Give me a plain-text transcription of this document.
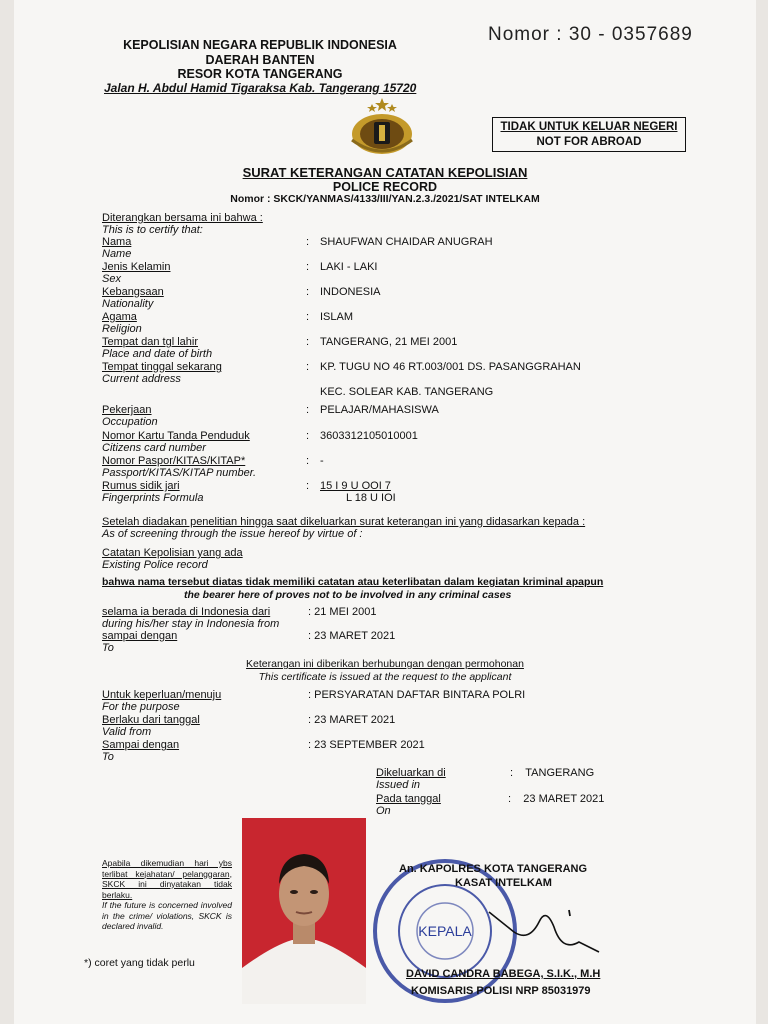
KEPOLISIAN NEGARA REPUBLIK INDONESIA
DAERAH BANTEN
RESOR KOTA TANGERANG
Jalan H. Abdul Hamid Tigaraksa Kab. Tangerang 15720
Nomor : 30 - 0357689
TIDAK UNTUK KELUAR NEGERI
NOT FOR ABROAD
SURAT KETERANGAN CATATAN KEPOLISIAN
POLICE RECORD
Nomor : SKCK/YANMAS/4133/III/YAN.2.3./2021/SAT INTELKAM
Diterangkan bersama ini bahwa :
This is to certify that:
Nama
Name
: SHAUFWAN CHAIDAR ANUGRAH
Jenis Kelamin
Sex
: LAKI - LAKI
Kebangsaan
Nationality
: INDONESIA
Agama
Religion
: ISLAM
Tempat dan tgl lahir
Place and date of birth
: TANGERANG, 21 MEI 2001
Tempat tinggal sekarang
Current address
: KP. TUGU NO 46 RT.003/001 DS. PASANGGRAHAN
KEC. SOLEAR KAB. TANGERANG
Pekerjaan
Occupation
: PELAJAR/MAHASISWA
Nomor Kartu Tanda Penduduk
Citizens card number
: 3603312105010001
Nomor Paspor/KITAS/KITAP*
Passport/KITAS/KITAP number.
: -
Rumus sidik jari
Fingerprints Formula
: 15 I 9 U OOI 7
L 18 U IOI
Setelah diadakan penelitian hingga saat dikeluarkan surat keterangan ini yang didasarkan kepada :
As of screening through the issue hereof by virtue of :
Catatan Kepolisian yang ada
Existing Police record
bahwa nama tersebut diatas tidak memiliki catatan atau keterlibatan dalam kegiatan kriminal apapun
the bearer here of proves not to be involved in any criminal cases
selama ia berada di Indonesia dari
during his/her stay in Indonesia from
: 21 MEI 2001
sampai dengan
To
: 23 MARET 2021
Keterangan ini diberikan berhubungan dengan permohonan
This certificate is issued at the request to the applicant
Untuk keperluan/menuju
For the purpose
: PERSYARATAN DAFTAR BINTARA POLRI
Berlaku dari tanggal
Valid from
: 23 MARET 2021
Sampai dengan
To
: 23 SEPTEMBER 2021
Dikeluarkan di
Issued in
:    TANGERANG
Pada tanggal
On
:    23 MARET 2021
Apabila dikemudian hari ybs terlibat kejahatan/ pelanggaran, SKCK ini dinyatakan tidak berlaku.
If the future is concerned involved in the crime/ violations, SKCK is declared invalid.
*) coret yang tidak perlu
KEPALA
An. KAPOLRES KOTA TANGERANG
KASAT INTELKAM
DAVID CANDRA BABEGA, S.I.K., M.H
KOMISARIS POLISI NRP 85031979
